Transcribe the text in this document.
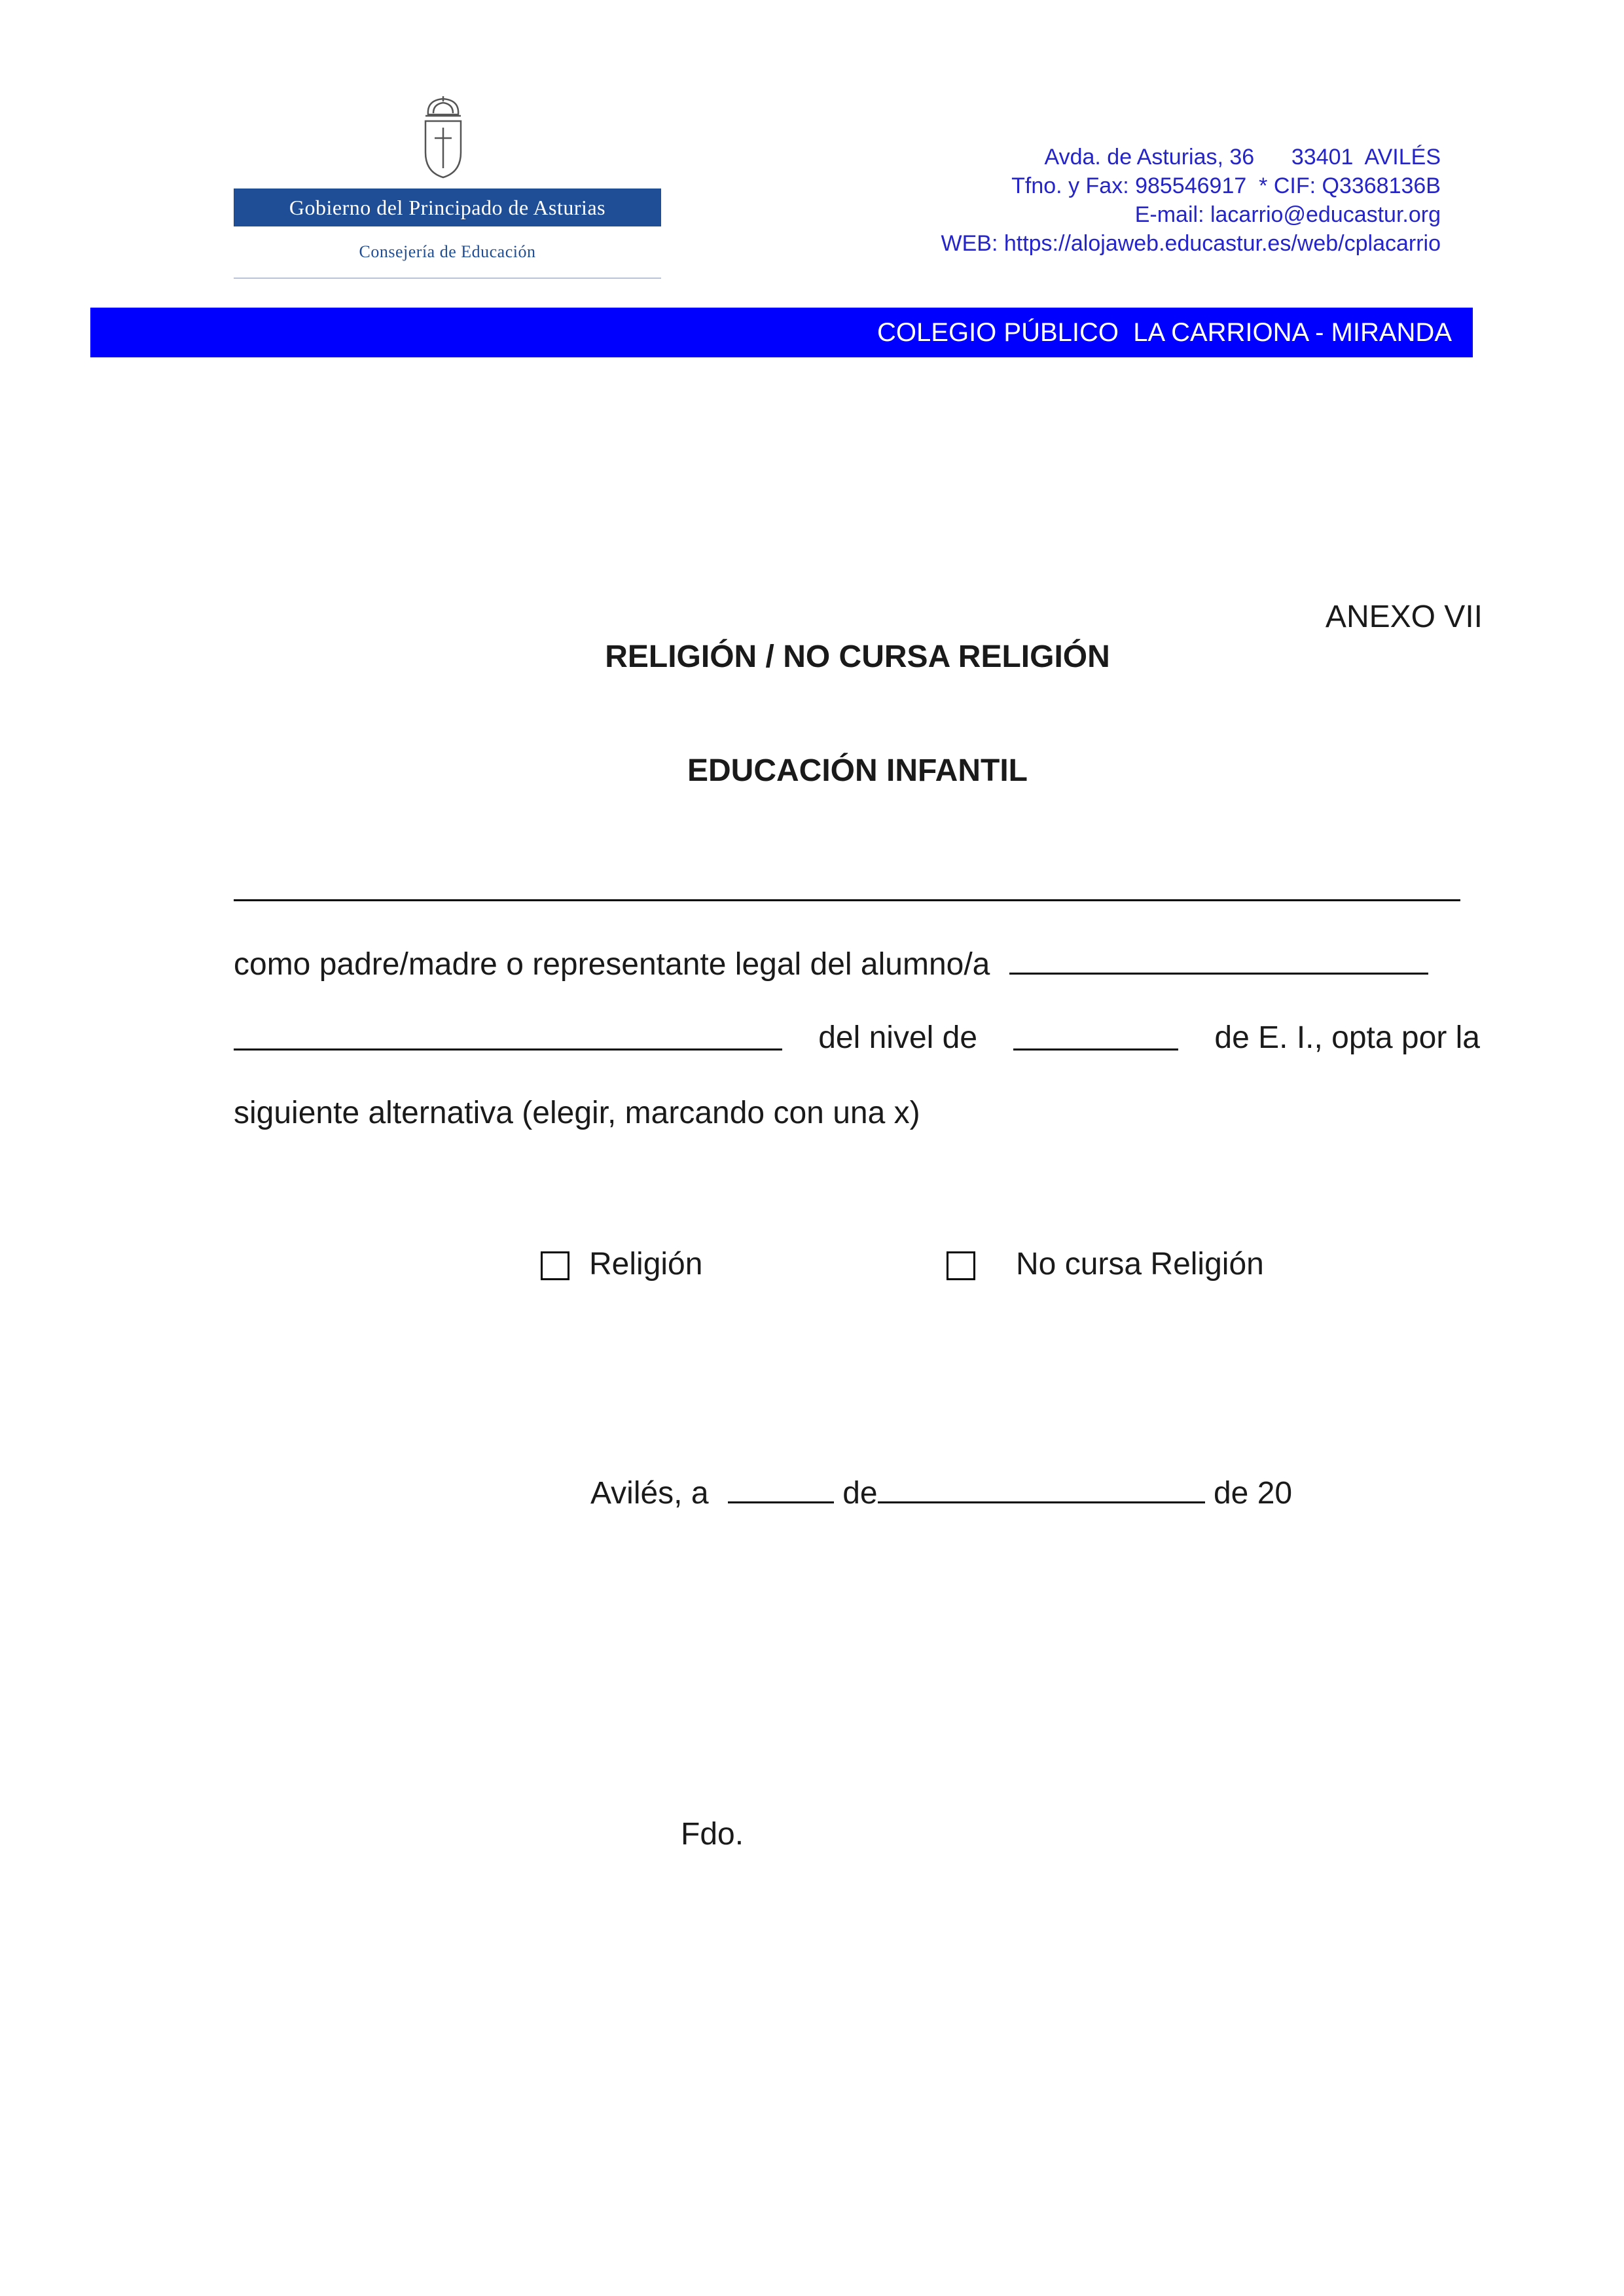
Gobierno del Principado de Asturias
Consejería de Educación
Avda. de Asturias, 36      33401  AVILÉS
Tfno. y Fax: 985546917  * CIF: Q3368136B
E-mail: lacarrio@educastur.org
WEB: https://alojaweb.educastur.es/web/cplacarrio
COLEGIO PÚBLICO  LA CARRIONA - MIRANDA
ANEXO VII
RELIGIÓN / NO CURSA RELIGIÓN
EDUCACIÓN INFANTIL
como padre/madre o representante legal del alumno/a
del nivel de	de E. I., opta por la
siguiente alternativa (elegir, marcando con una x)
Religión	No cursa Religión
Avilés, a	de	de 20
Fdo.
